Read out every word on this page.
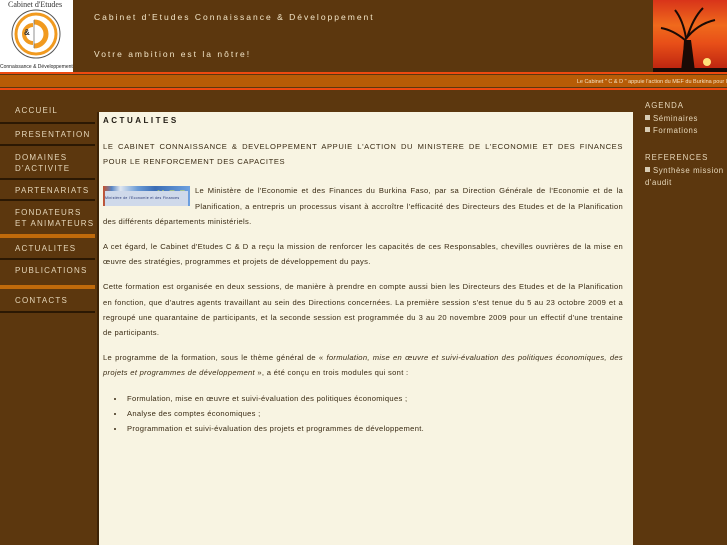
Cabinet d'Etudes
&
Connaissance & Développement
Cabinet d'Etudes Connaissance & Développement
Votre ambition est la nôtre!
Le Cabinet " C & D " appuie l'action du MEF du Burkina pour l
ACCUEIL
PRESENTATION
DOMAINES D'ACTIVITE
PARTENARIATS
FONDATEURS ET ANIMATEURS
ACTUALITES
PUBLICATIONS
CONTACTS
ACTUALITES

LE CABINET CONNAISSANCE & DEVELOPPEMENT APPUIE L'ACTION DU MINISTERE DE L'ECONOMIE ET DES FINANCES POUR LE RENFORCEMENT DES CAPACITES

Ministère de l'Economie et des Finances
Le Ministère de l'Economie et des Finances du Burkina Faso, par sa Direction Générale de l'Economie et de la Planification, a entrepris un processus visant à accroître l'efficacité des Directeurs des Etudes et de la Planification des différents départements ministériels.

A cet égard, le Cabinet d'Etudes C & D a reçu la mission de renforcer les capacités de ces Responsables, chevilles ouvrières de la mise en œuvre des stratégies, programmes et projets de développement du pays.

Cette formation est organisée en deux sessions, de manière à prendre en compte aussi bien les Directeurs des Etudes et de la Planification en fonction, que d'autres agents travaillant au sein des Directions concernées. La première session s'est tenue du 5 au 23 octobre 2009 et a regroupé une quarantaine de participants, et la seconde session est programmée du 3 au 20 novembre 2009 pour un effectif d'une trentaine de participants.

Le programme de la formation, sous le thème général de « formulation, mise en œuvre et suivi-évaluation des politiques économiques, des projets et programmes de développement », a été conçu en trois modules qui sont :

• Formulation, mise en œuvre et suivi-évaluation des politiques économiques ;
• Analyse des comptes économiques ;
• Programmation et suivi-évaluation des projets et programmes de développement.
AGENDA
Séminaires
Formations
REFERENCES
Synthèse mission d'audit
